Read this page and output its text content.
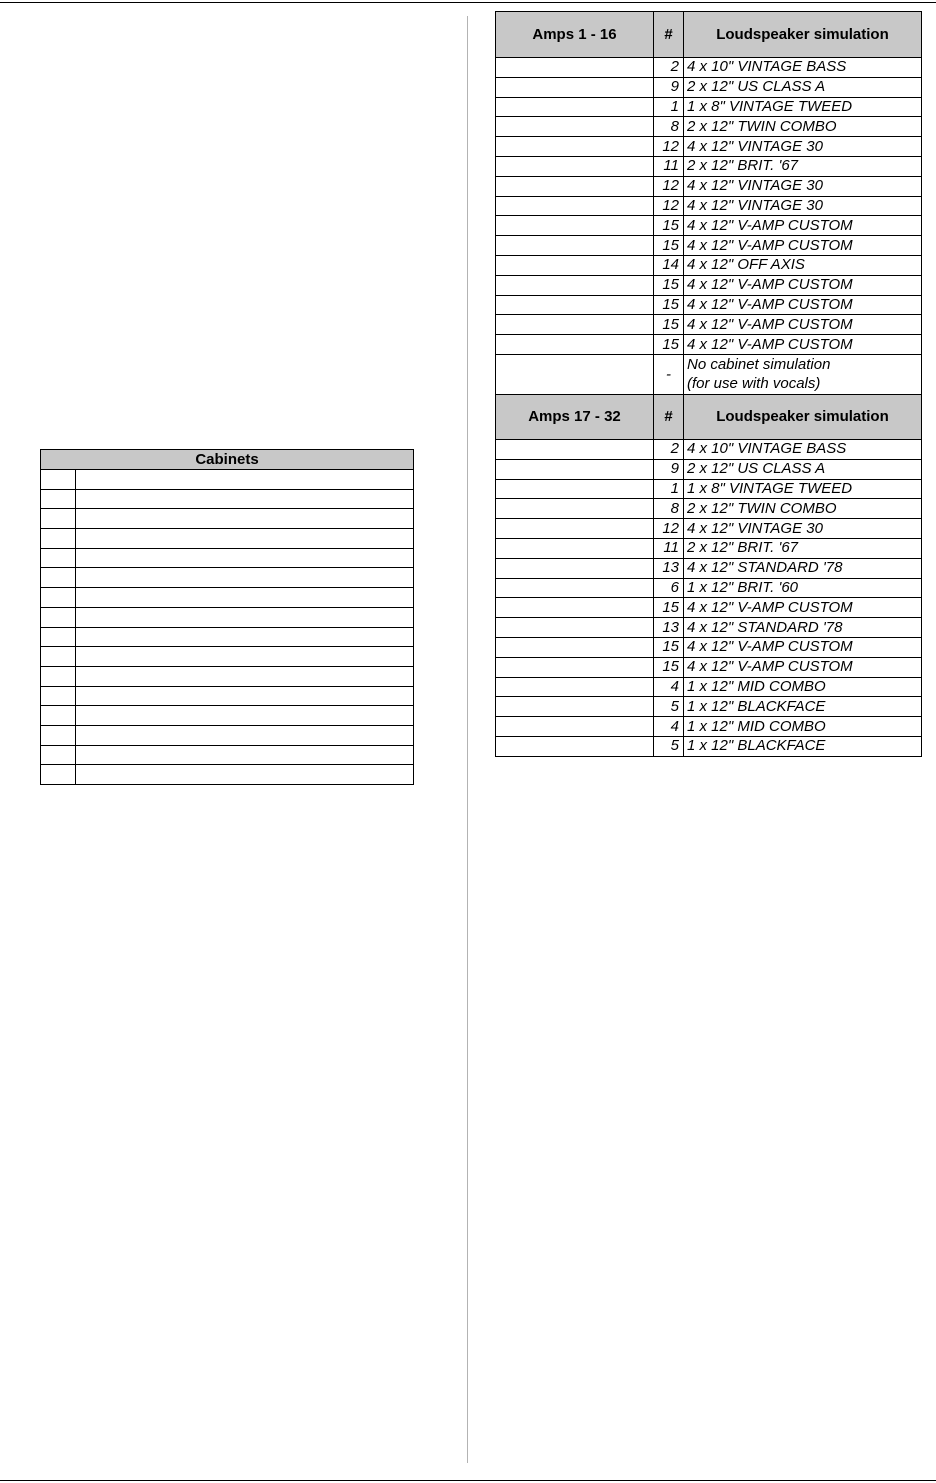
Cabinets	

Amps 1 - 16	#	Loudspeaker simulation
	2	4 x 10" VINTAGE BASS
	9	2 x 12" US CLASS A
	1	1 x 8" VINTAGE TWEED
	8	2 x 12" TWIN COMBO
	12	4 x 12" VINTAGE 30
	11	2 x 12" BRIT. '67
	12	4 x 12" VINTAGE 30
	12	4 x 12" VINTAGE 30
	15	4 x 12" V-AMP CUSTOM
	15	4 x 12" V-AMP CUSTOM
	14	4 x 12" OFF AXIS
	15	4 x 12" V-AMP CUSTOM
	15	4 x 12" V-AMP CUSTOM
	15	4 x 12" V-AMP CUSTOM
	15	4 x 12" V-AMP CUSTOM
	-	No cabinet simulation
(for use with vocals)

Amps 17 - 32	#	Loudspeaker simulation
	2	4 x 10" VINTAGE BASS
	9	2 x 12" US CLASS A
	1	1 x 8" VINTAGE TWEED
	8	2 x 12" TWIN COMBO
	12	4 x 12" VINTAGE 30
	11	2 x 12" BRIT. '67
	13	4 x 12" STANDARD '78
	6	1 x 12" BRIT. '60
	15	4 x 12" V-AMP CUSTOM
	13	4 x 12" STANDARD '78
	15	4 x 12" V-AMP CUSTOM
	15	4 x 12" V-AMP CUSTOM
	4	1 x 12" MID COMBO
	5	1 x 12" BLACKFACE
	4	1 x 12" MID COMBO
	5	1 x 12" BLACKFACE
